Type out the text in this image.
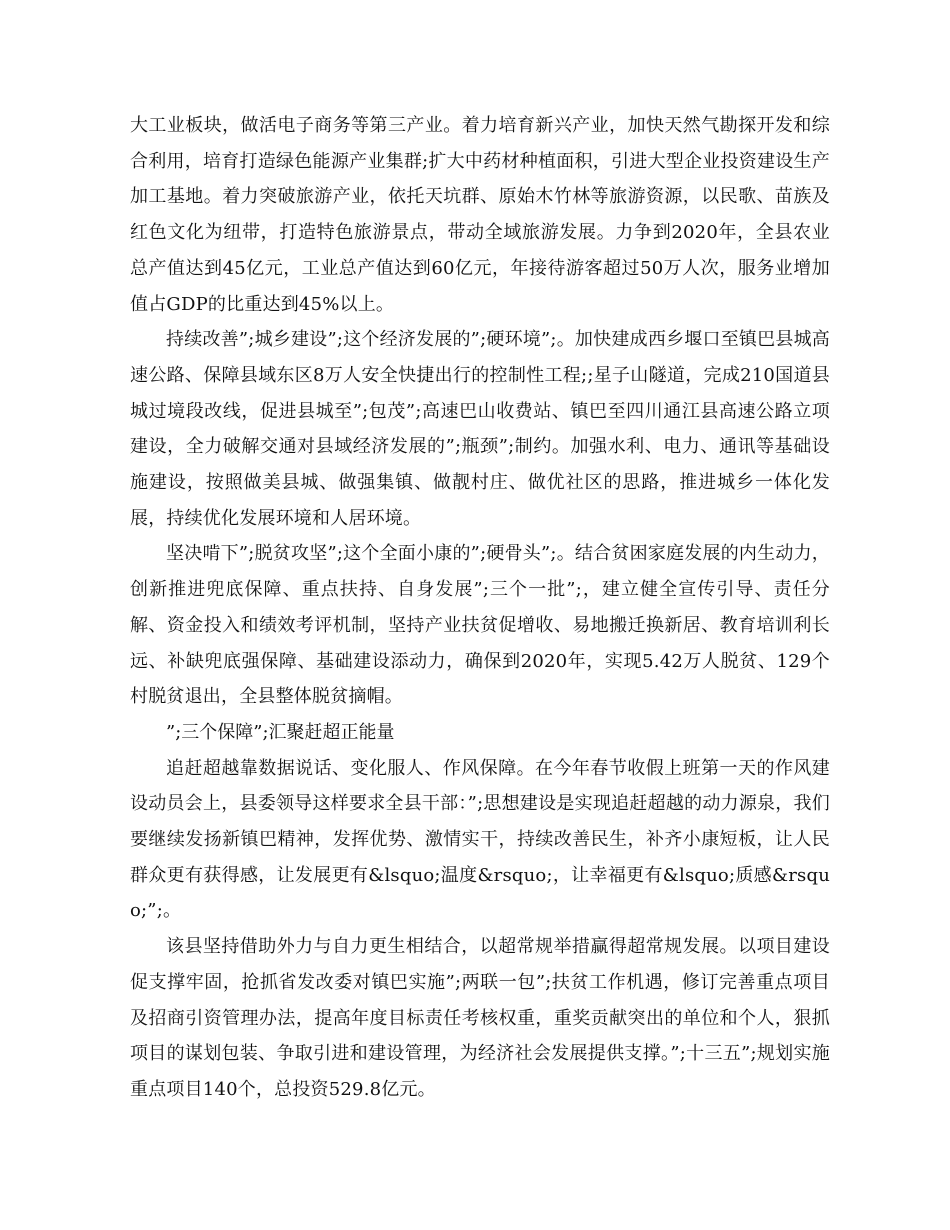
大工业板块，做活电子商务等第三产业。着力培育新兴产业，加快天然气勘探开发和综合利用，培育打造绿色能源产业集群;扩大中药材种植面积，引进大型企业投资建设生产加工基地。着力突破旅游产业，依托天坑群、原始木竹林等旅游资源，以民歌、苗族及红色文化为纽带，打造特色旅游景点，带动全域旅游发展。力争到2020年，全县农业总产值达到45亿元，工业总产值达到60亿元，年接待游客超过50万人次，服务业增加值占GDP的比重达到45%以上。

持续改善”;城乡建设”;这个经济发展的”;硬环境”;。加快建成西乡堰口至镇巴县城高速公路、保障县域东区8万人安全快捷出行的控制性工程;;星子山隧道，完成210国道县城过境段改线，促进县城至”;包茂”;高速巴山收费站、镇巴至四川通江县高速公路立项建设，全力破解交通对县域经济发展的”;瓶颈”;制约。加强水利、电力、通讯等基础设施建设，按照做美县城、做强集镇、做靓村庄、做优社区的思路，推进城乡一体化发展，持续优化发展环境和人居环境。

坚决啃下”;脱贫攻坚”;这个全面小康的”;硬骨头”;。结合贫困家庭发展的内生动力，创新推进兜底保障、重点扶持、自身发展”;三个一批”;，建立健全宣传引导、责任分解、资金投入和绩效考评机制，坚持产业扶贫促增收、易地搬迁换新居、教育培训利长远、补缺兜底强保障、基础建设添动力，确保到2020年，实现5.42万人脱贫、129个村脱贫退出，全县整体脱贫摘帽。

”;三个保障”;汇聚赶超正能量

追赶超越靠数据说话、变化服人、作风保障。在今年春节收假上班第一天的作风建设动员会上，县委领导这样要求全县干部：”;思想建设是实现追赶超越的动力源泉，我们要继续发扬新镇巴精神，发挥优势、激情实干，持续改善民生，补齐小康短板，让人民群众更有获得感，让发展更有&lsquo;温度&rsquo;，让幸福更有&lsquo;质感&rsquo;”;。

该县坚持借助外力与自力更生相结合，以超常规举措赢得超常规发展。以项目建设促支撑牢固，抢抓省发改委对镇巴实施”;两联一包”;扶贫工作机遇，修订完善重点项目及招商引资管理办法，提高年度目标责任考核权重，重奖贡献突出的单位和个人，狠抓项目的谋划包装、争取引进和建设管理，为经济社会发展提供支撑。”;十三五”;规划实施重点项目140个，总投资529.8亿元。
